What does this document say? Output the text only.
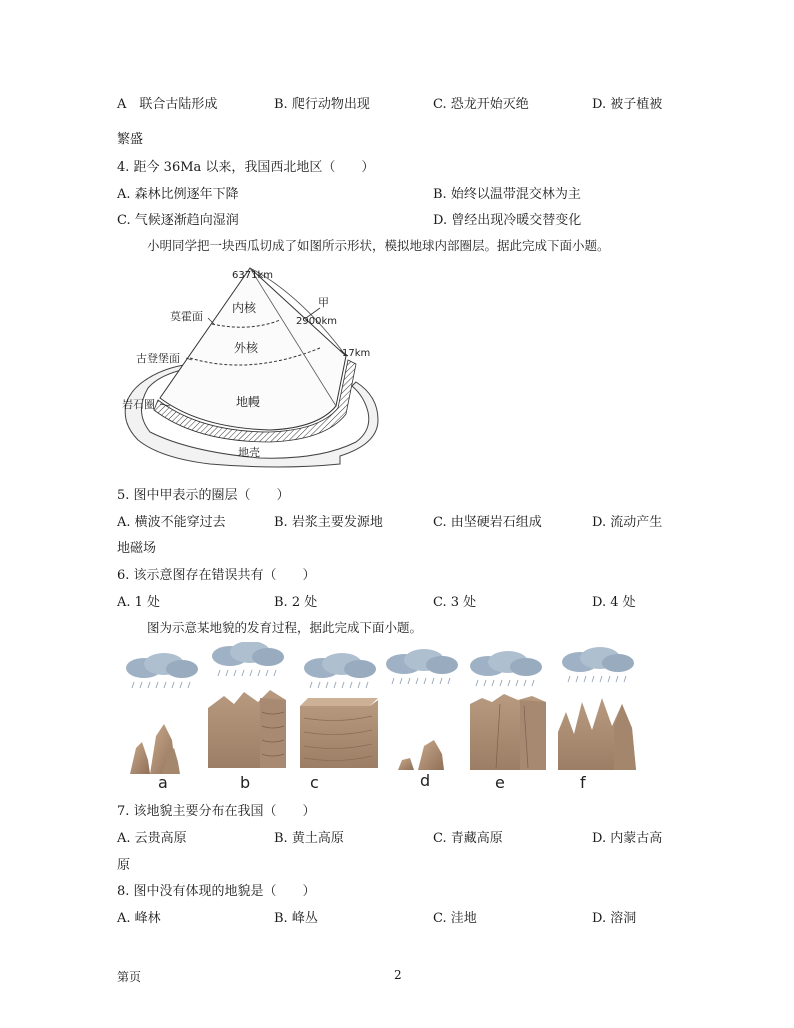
A　联合古陆形成	B. 爬行动物出现	C. 恐龙开始灭绝	D. 被子植被
繁盛
4. 距今 36Ma 以来，我国西北地区（　　）
A. 森林比例逐年下降	B. 始终以温带混交林为主
C. 气候逐渐趋向湿润	D. 曾经出现冷暖交替变化
小明同学把一块西瓜切成了如图所示形状，模拟地球内部圈层。据此完成下面小题。
6371km
内核	甲
莫霍面	2900km
外核
古登堡面	17km
岩石圈	地幔
地壳
5. 图中甲表示的圈层（　　）
A. 横波不能穿过去	B. 岩浆主要发源地	C. 由坚硬岩石组成	D. 流动产生
地磁场
6. 该示意图存在错误共有（　　）
A. 1 处	B. 2 处	C. 3 处	D. 4 处
图为示意某地貌的发育过程，据此完成下面小题。
a	b	c	d	e	f
7. 该地貌主要分布在我国（　　）
A. 云贵高原	B. 黄土高原	C. 青藏高原	D. 内蒙古高
原
8. 图中没有体现的地貌是（　　）
A. 峰林	B. 峰丛	C. 洼地	D. 溶洞
第页	2
